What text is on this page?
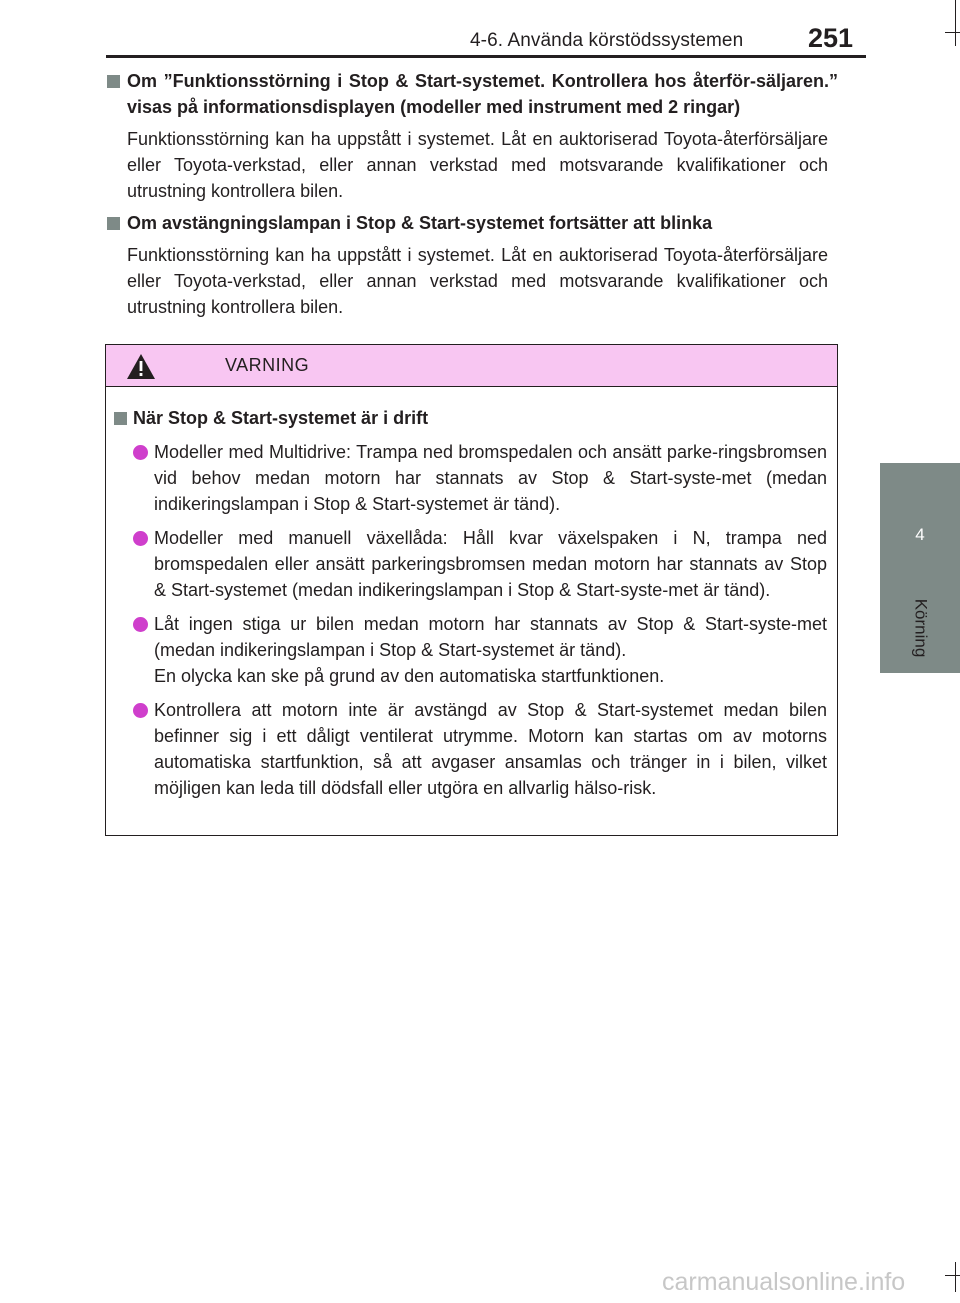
4-6. Använda körstödssystemen 251
4
Körning
Om ”Funktionsstörning i Stop & Start-systemet. Kontrollera hos återför-säljaren.” visas på informationsdisplayen (modeller med instrument med 2 ringar)
Funktionsstörning kan ha uppstått i systemet. Låt en auktoriserad Toyota-återförsäljare eller Toyota-verkstad, eller annan verkstad med motsvarande kvalifikationer och utrustning kontrollera bilen.
Om avstängningslampan i Stop & Start-systemet fortsätter att blinka
Funktionsstörning kan ha uppstått i systemet. Låt en auktoriserad Toyota-återförsäljare eller Toyota-verkstad, eller annan verkstad med motsvarande kvalifikationer och utrustning kontrollera bilen.
VARNING
När Stop & Start-systemet är i drift
Modeller med Multidrive: Trampa ned bromspedalen och ansätt parke-ringsbromsen vid behov medan motorn har stannats av Stop & Start-syste-met (medan indikeringslampan i Stop & Start-systemet är tänd).
Modeller med manuell växellåda: Håll kvar växelspaken i N, trampa ned bromspedalen eller ansätt parkeringsbromsen medan motorn har stannats av Stop & Start-systemet (medan indikeringslampan i Stop & Start-syste-met är tänd).
Låt ingen stiga ur bilen medan motorn har stannats av Stop & Start-syste-met (medan indikeringslampan i Stop & Start-systemet är tänd).
En olycka kan ske på grund av den automatiska startfunktionen.
Kontrollera att motorn inte är avstängd av Stop & Start-systemet medan bilen befinner sig i ett dåligt ventilerat utrymme. Motorn kan startas om av motorns automatiska startfunktion, så att avgaser ansamlas och tränger in i bilen, vilket möjligen kan leda till dödsfall eller utgöra en allvarlig hälso-risk.
carmanualsonline.info
